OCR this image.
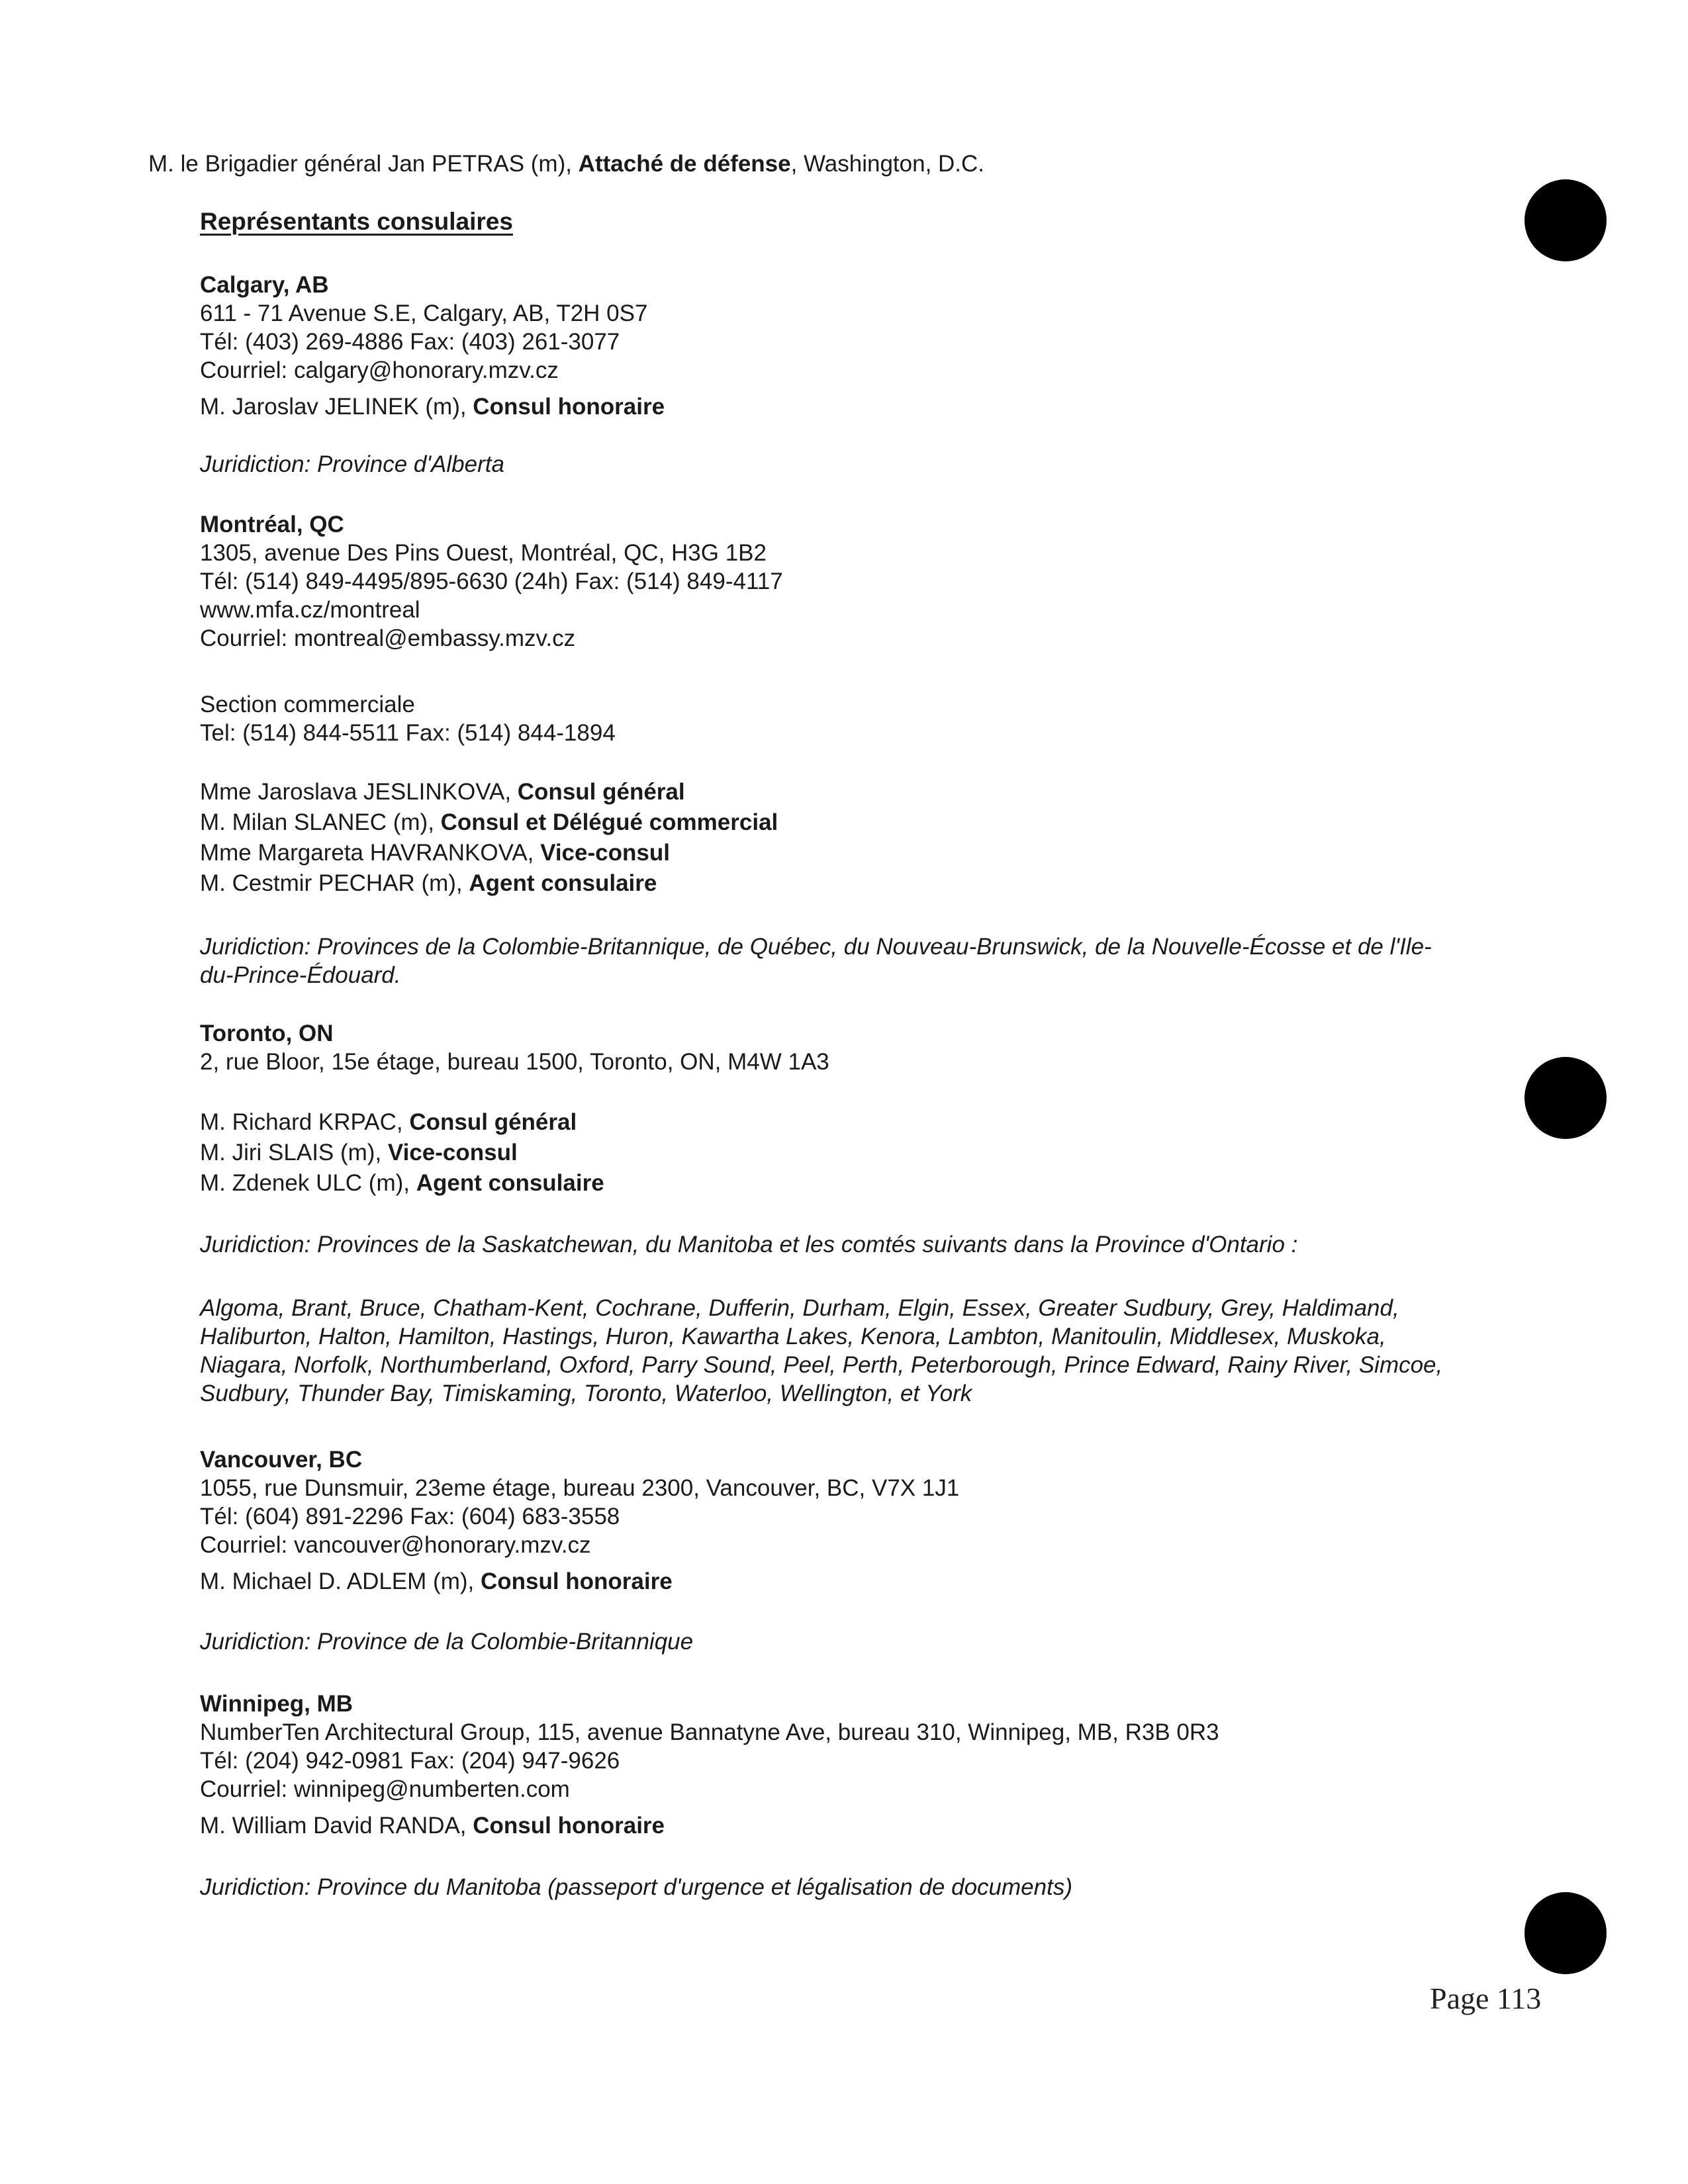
M. le Brigadier général Jan PETRAS (m), Attaché de défense, Washington, D.C.
Représentants consulaires
Calgary, AB
611 - 71 Avenue S.E, Calgary, AB, T2H 0S7
Tél: (403) 269-4886 Fax: (403) 261-3077
Courriel: calgary@honorary.mzv.cz
M. Jaroslav JELINEK (m), Consul honoraire
Juridiction: Province d'Alberta
Montréal, QC
1305, avenue Des Pins Ouest, Montréal, QC, H3G 1B2
Tél: (514) 849-4495/895-6630 (24h) Fax: (514) 849-4117
www.mfa.cz/montreal
Courriel: montreal@embassy.mzv.cz
Section commerciale
Tel: (514) 844-5511 Fax: (514) 844-1894
Mme Jaroslava JESLINKOVA, Consul général
M. Milan SLANEC (m), Consul et Délégué commercial
Mme Margareta HAVRANKOVA, Vice-consul
M. Cestmir PECHAR (m), Agent consulaire
Juridiction: Provinces de la Colombie-Britannique, de Québec, du Nouveau-Brunswick, de la Nouvelle-Écosse et de l'Ile-
du-Prince-Édouard.
Toronto, ON
2, rue Bloor, 15e étage, bureau 1500, Toronto, ON, M4W 1A3
M. Richard KRPAC, Consul général
M. Jiri SLAIS (m), Vice-consul
M. Zdenek ULC (m), Agent consulaire
Juridiction: Provinces de la Saskatchewan, du Manitoba et les comtés suivants dans la Province d'Ontario :
Algoma, Brant, Bruce, Chatham-Kent, Cochrane, Dufferin, Durham, Elgin, Essex, Greater Sudbury, Grey, Haldimand,
Haliburton, Halton, Hamilton, Hastings, Huron, Kawartha Lakes, Kenora, Lambton, Manitoulin, Middlesex, Muskoka,
Niagara, Norfolk, Northumberland, Oxford, Parry Sound, Peel, Perth, Peterborough, Prince Edward, Rainy River, Simcoe,
Sudbury, Thunder Bay, Timiskaming, Toronto, Waterloo, Wellington, et York
Vancouver, BC
1055, rue Dunsmuir, 23eme étage, bureau 2300, Vancouver, BC, V7X 1J1
Tél: (604) 891-2296 Fax: (604) 683-3558
Courriel: vancouver@honorary.mzv.cz
M. Michael D. ADLEM (m), Consul honoraire
Juridiction: Province de la Colombie-Britannique
Winnipeg, MB
NumberTen Architectural Group, 115, avenue Bannatyne Ave, bureau 310, Winnipeg, MB, R3B 0R3
Tél: (204) 942-0981 Fax: (204) 947-9626
Courriel: winnipeg@numberten.com
M. William David RANDA, Consul honoraire
Juridiction: Province du Manitoba (passeport d'urgence et légalisation de documents)
Page 113
